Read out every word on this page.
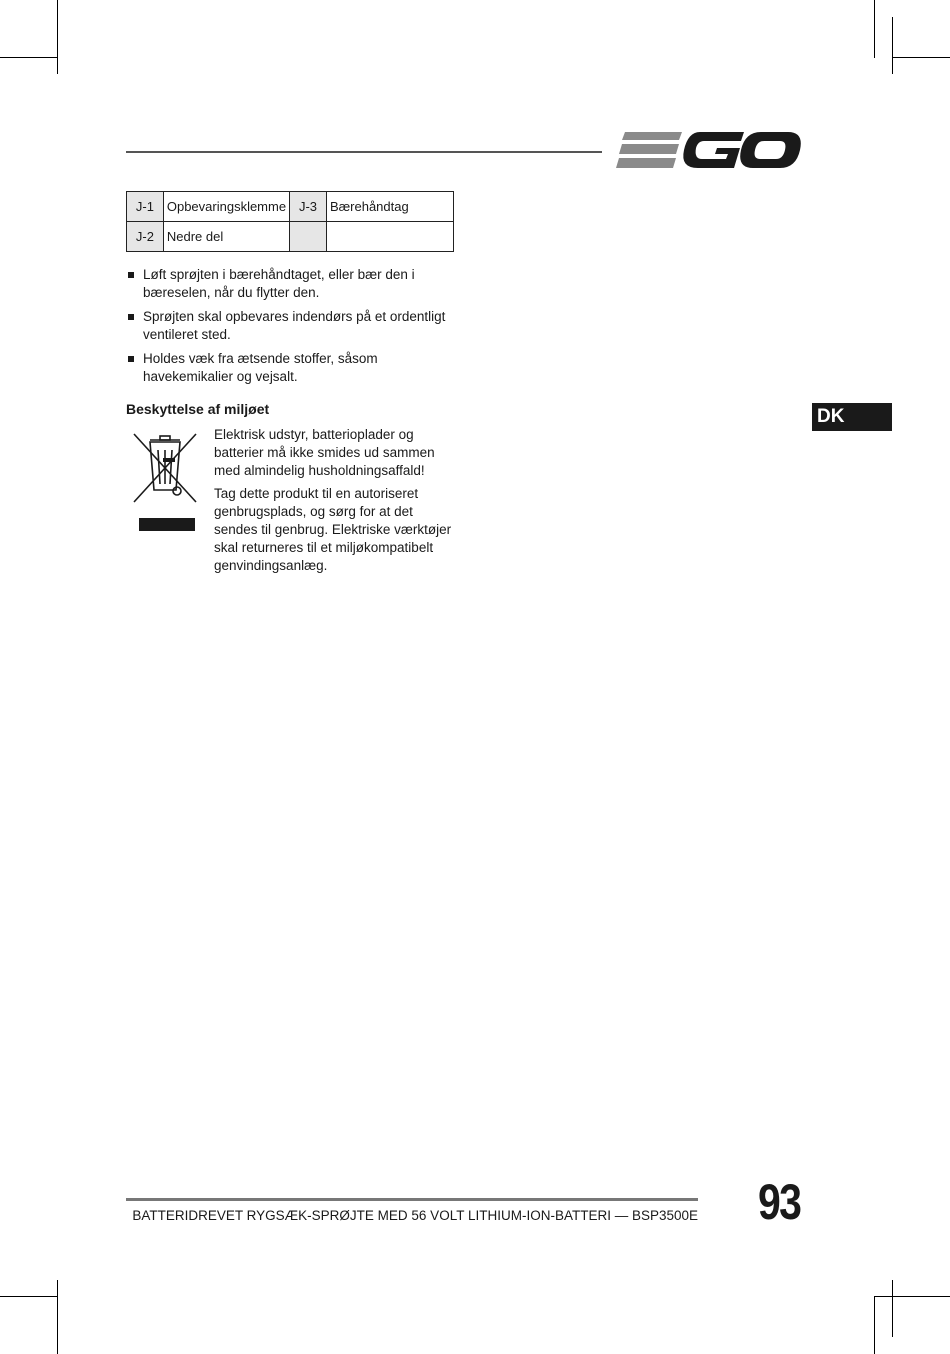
J-1	Opbevaringsklemme	J-3	Bærehåndtag
J-2	Nedre del		
Løft sprøjten i bærehåndtaget, eller bær den i bæreselen, når du flytter den.
Sprøjten skal opbevares indendørs på et ordentligt ventileret sted.
Holdes væk fra ætsende stoffer, såsom havekemikalier og vejsalt.
Beskyttelse af miljøet

Elektrisk udstyr, batterioplader og batterier må ikke smides ud sammen med almindelig husholdningsaffald!

Tag dette produkt til en autoriseret genbrugsplads, og sørg for at det sendes til genbrug. Elektriske værktøjer skal returneres til et miljøkompatibelt genvindingsanlæg.

DK
BATTERIDREVET RYGSÆK-SPRØJTE MED 56 VOLT LITHIUM-ION-BATTERI — BSP3500E 93
